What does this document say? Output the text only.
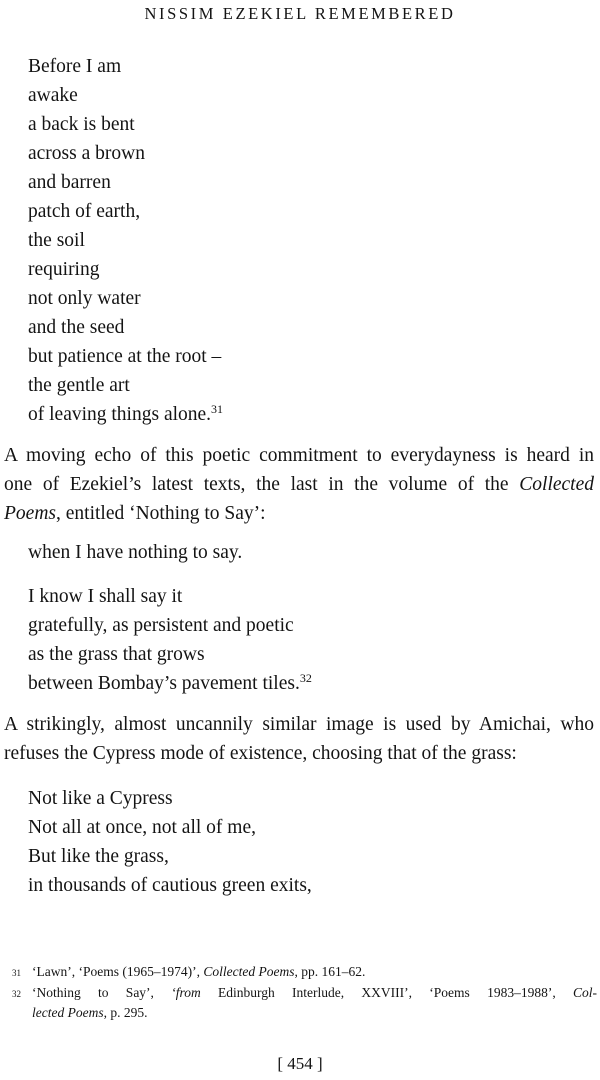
NISSIM EZEKIEL REMEMBERED
Before I am
awake
a back is bent
across a brown
and barren
patch of earth,
the soil
requiring
not only water
and the seed
but patience at the root –
the gentle art
of leaving things alone.$^{31}$
A moving echo of this poetic commitment to everydayness is heard in
one of Ezekiel’s latest texts, the last in the volume of the Collected
Poems, entitled ‘Nothing to Say’:
when I have nothing to say.
I know I shall say it
gratefully, as persistent and poetic
as the grass that grows
between Bombay’s pavement tiles.$^{32}$
A strikingly, almost uncannily similar image is used by Amichai, who
refuses the Cypress mode of existence, choosing that of the grass:
Not like a Cypress
Not all at once, not all of me,
But like the grass,
in thousands of cautious green exits,
31 ‘Lawn’, ‘Poems (1965–1974)’, Collected Poems, pp. 161–62.
32 ‘Nothing to Say’, ‘from Edinburgh Interlude, XXVIII’, ‘Poems 1983–1988’, Col-
lected Poems, p. 295.
[ 454 ]
